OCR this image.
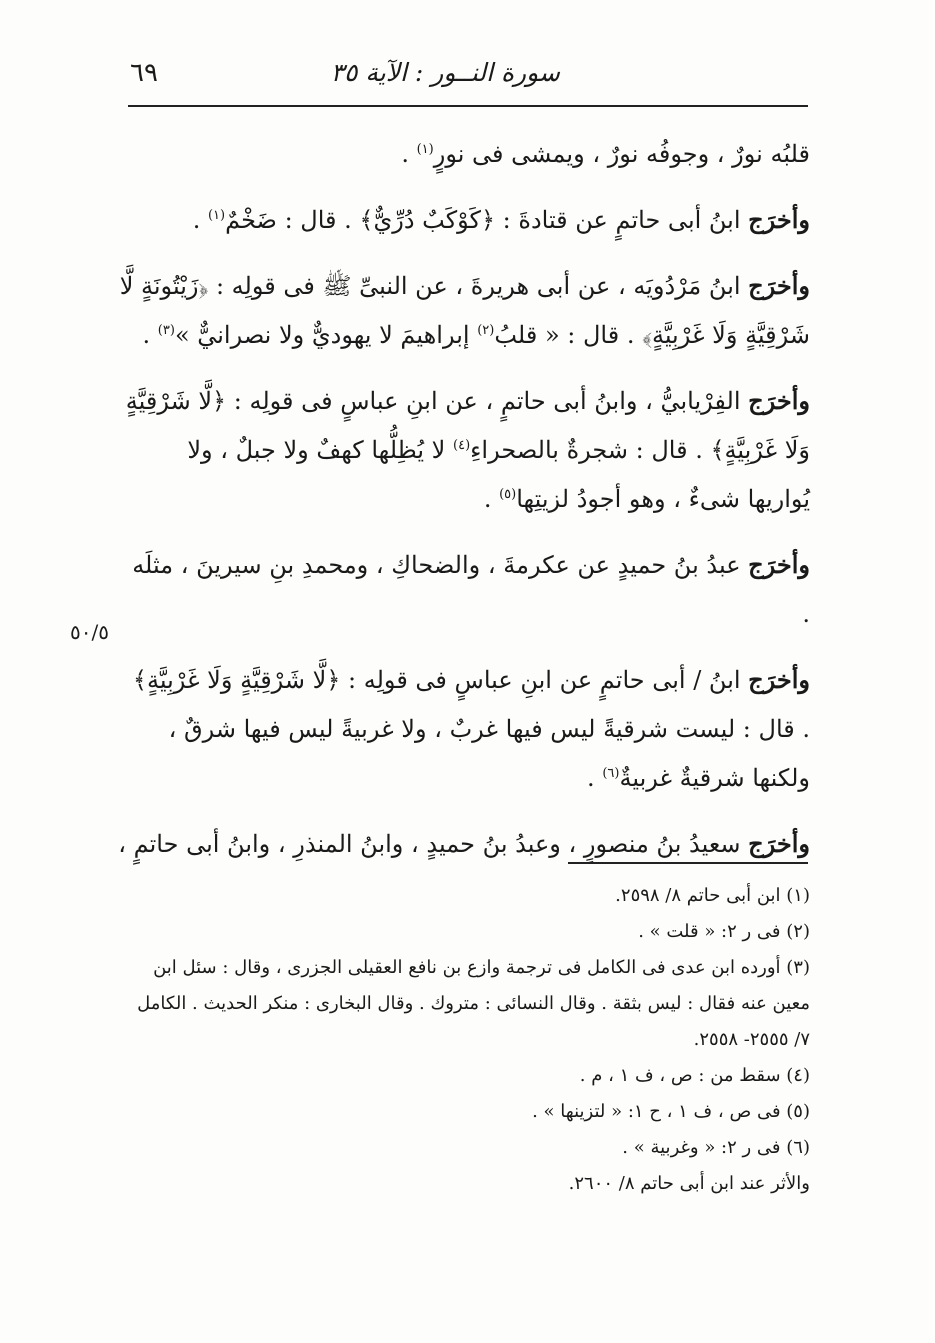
٦٩	سورة النــور : الآية ٣٥

قلبُه نورٌ ، وجوفُه نورٌ ، ويمشى فى نورٍ$^{(١)}$ .

وأخرَج ابنُ أبى حاتمٍ عن قتادةَ : ﴿كَوْكَبٌ دُرِّيٌّ﴾ . قال : ضَخْمٌ$^{(١)}$ .

وأخرَج ابنُ مَرْدُويَه ، عن أبى هريرةَ ، عن النبىِّ ﷺ فى قولِه : ﴿زَيْتُونَةٍ لَّا شَرْقِيَّةٍ وَلَا غَرْبِيَّةٍ﴾ . قال : « قلبُ$^{(٢)}$ إبراهيمَ لا يهوديٌّ ولا نصرانيٌّ »$^{(٣)}$ .

وأخرَج الفِرْيابيُّ ، وابنُ أبى حاتمٍ ، عن ابنِ عباسٍ فى قولِه : ﴿لَّا شَرْقِيَّةٍ وَلَا غَرْبِيَّةٍ﴾ . قال : شجرةٌ بالصحراءِ$^{(٤)}$ لا يُظِلُّها كهفٌ ولا جبلٌ ، ولا يُواريها شىءٌ ، وهو أجودُ لزيتِها$^{(٥)}$ .

وأخرَج عبدُ بنُ حميدٍ عن عكرمةَ ، والضحاكِ ، ومحمدِ بنِ سيرينَ ، مثلَه .

وأخرَج ابنُ / أبى حاتمٍ عن ابنِ عباسٍ فى قولِه : ﴿لَّا شَرْقِيَّةٍ وَلَا غَرْبِيَّةٍ﴾ . قال : ليست شرقيةً ليس فيها غربٌ ، ولا غربيةً ليس فيها شرقٌ ، ولكنها شرقيةٌ غربيةٌ$^{(٦)}$ .

وأخرَج سعيدُ بنُ منصورٍ ، وعبدُ بنُ حميدٍ ، وابنُ المنذرِ ، وابنُ أبى حاتمٍ ،

٥٠/٥

(١) ابن أبى حاتم ٨/ ٢٥٩٨.

(٢) فى ر ٢: « قلت » .

(٣) أورده ابن عدى فى الكامل فى ترجمة وازع بن نافع العقيلى الجزرى ، وقال : سئل ابن معين عنه فقال : ليس بثقة . وقال النسائى : متروك . وقال البخارى : منكر الحديث . الكامل ٧/ ٢٥٥٥- ٢٥٥٨.

(٤) سقط من : ص ، ف ١ ، م .

(٥) فى ص ، ف ١ ، ح ١: « لتزينها » .

(٦) فى ر ٢: « وغربية » .

والأثر عند ابن أبى حاتم ٨/ ٢٦٠٠.
